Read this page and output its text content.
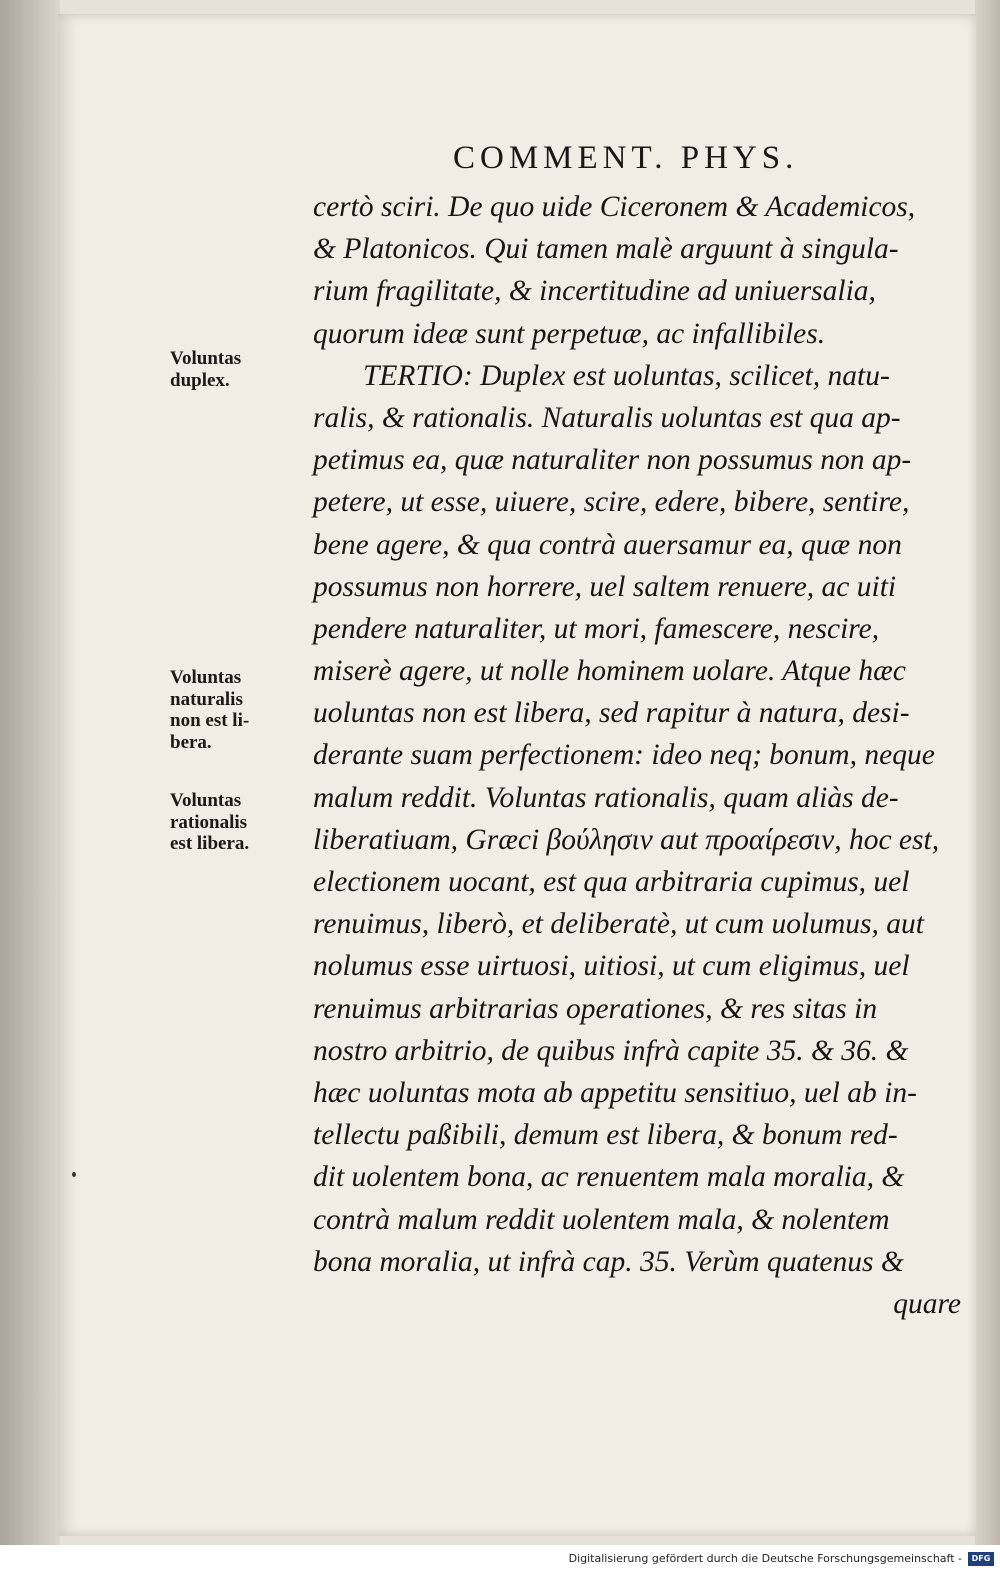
COMMENT. PHYS.
certò sciri. De quo uide Ciceronem & Academicos,
& Platonicos. Qui tamen malè arguunt à singula-
rium fragilitate, & incertitudine ad uniuersalia,
quorum ideæ sunt perpetuæ, ac infallibiles.
TERTIO: Duplex est uoluntas, scilicet, natu-
ralis, & rationalis. Naturalis uoluntas est qua ap-
petimus ea, quæ naturaliter non possumus non ap-
petere, ut esse, uiuere, scire, edere, bibere, sentire,
bene agere, & qua contrà auersamur ea, quæ non
possumus non horrere, uel saltem renuere, ac uiti
pendere naturaliter, ut mori, famescere, nescire,
miserè agere, ut nolle hominem uolare. Atque hæc
uoluntas non est libera, sed rapitur à natura, desi-
derante suam perfectionem: ideo neq; bonum, neque
malum reddit. Voluntas rationalis, quam aliàs de-
liberatiuam, Græci βούλησιν aut προαίρεσιν, hoc est,
electionem uocant, est qua arbitraria cupimus, uel
renuimus, liberò, et deliberatè, ut cum uolumus, aut
nolumus esse uirtuosi, uitiosi, ut cum eligimus, uel
renuimus arbitrarias operationes, & res sitas in
nostro arbitrio, de quibus infrà capite 35. & 36. &
hæc uoluntas mota ab appetitu sensitiuo, uel ab in-
tellectu paßibili, demum est libera, & bonum red-
dit uolentem bona, ac renuentem mala moralia, &
contrà malum reddit uolentem mala, & nolentem
bona moralia, ut infrà cap. 35. Verùm quatenus &
quare
Voluntas
duplex.
Voluntas
naturalis
non est li-
bera.
Voluntas
rationalis
est libera.
Digitalisierung gefördert durch die Deutsche Forschungsgemeinschaft -	DFG
